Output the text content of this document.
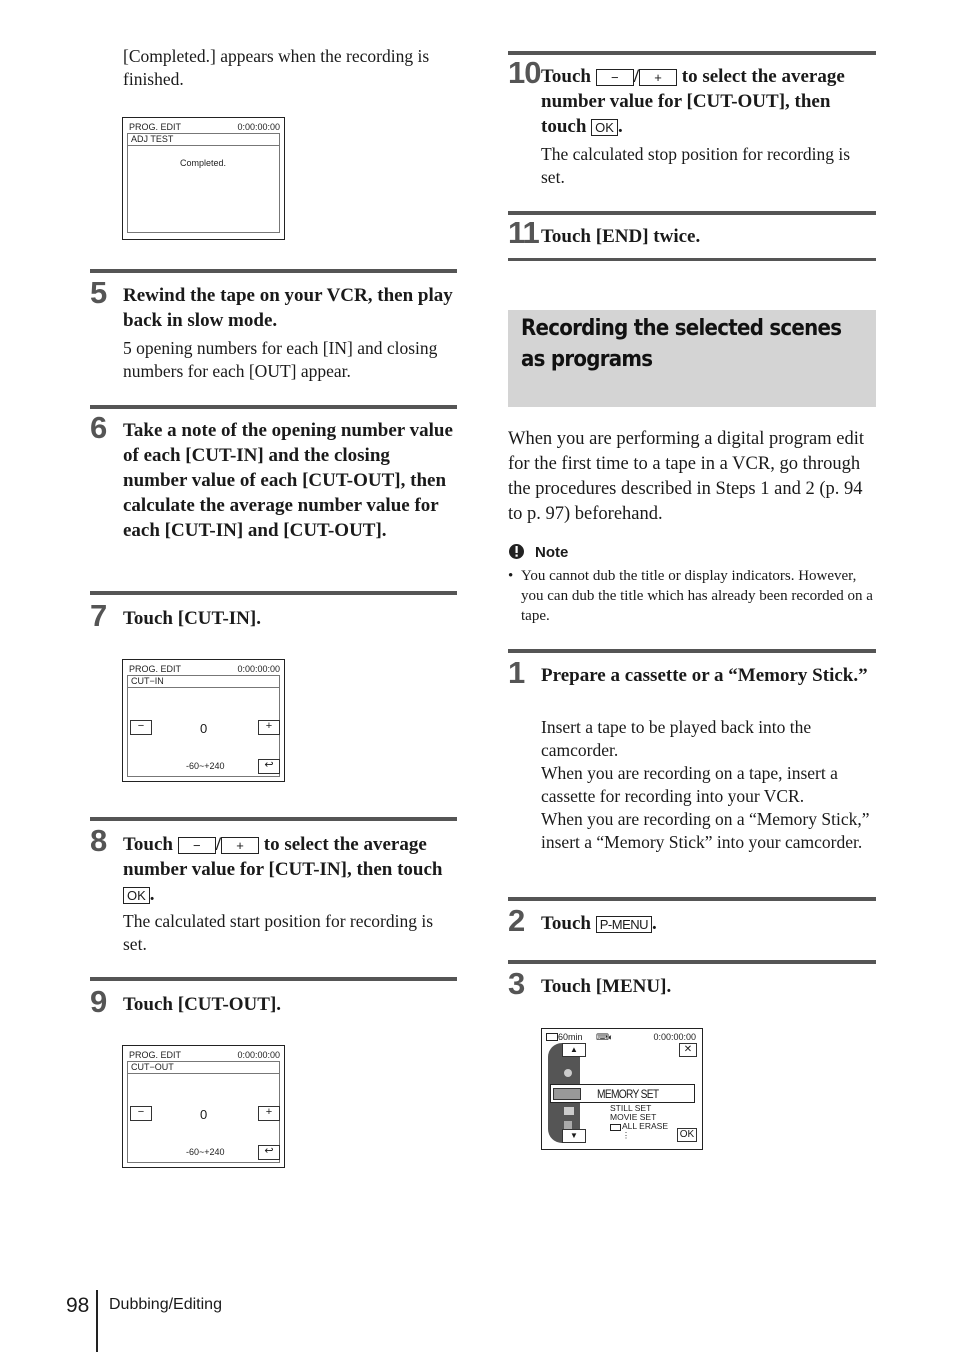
[Completed.] appears when the recording is finished.
PROG. EDIT	0:00:00:00
ADJ TEST
Completed.
5 Rewind the tape on your VCR, then play back in slow mode.
5 opening numbers for each [IN] and closing numbers for each [OUT] appear.
6 Take a note of the opening number value of each [CUT-IN] and the closing number value of each [CUT-OUT], then calculate the average number value for each [CUT-IN] and [CUT-OUT].
7 Touch [CUT-IN].
PROG. EDIT	0:00:00:00
CUT−IN
−	0	+
-60~+240	↩
8 Touch − / + to select the average number value for [CUT-IN], then touch OK .
The calculated start position for recording is set.
9 Touch [CUT-OUT].
PROG. EDIT	0:00:00:00
CUT−OUT
−	0	+
-60~+240	↩
10 Touch − / + to select the average number value for [CUT-OUT], then touch OK .
The calculated stop position for recording is set.
11 Touch [END] twice.
Recording the selected scenes as programs
When you are performing a digital program edit for the first time to a tape in a VCR, go through the procedures described in Steps 1 and 2 (p. 94 to p. 97) beforehand.
Note
• You cannot dub the title or display indicators. However, you can dub the title which has already been recorded on a tape.
1 Prepare a cassette or a “Memory Stick.”
Insert a tape to be played back into the camcorder.
When you are recording on a tape, insert a cassette for recording into your VCR.
When you are recording on a “Memory Stick,” insert a “Memory Stick” into your camcorder.
2 Touch P-MENU .
3 Touch [MENU].
60min ⌨ ◐	0:00:00:00
✕
▲
▼
MEMORY SET
STILL SET
MOVIE SET
ALL ERASE
⋮	OK
98 Dubbing/Editing
